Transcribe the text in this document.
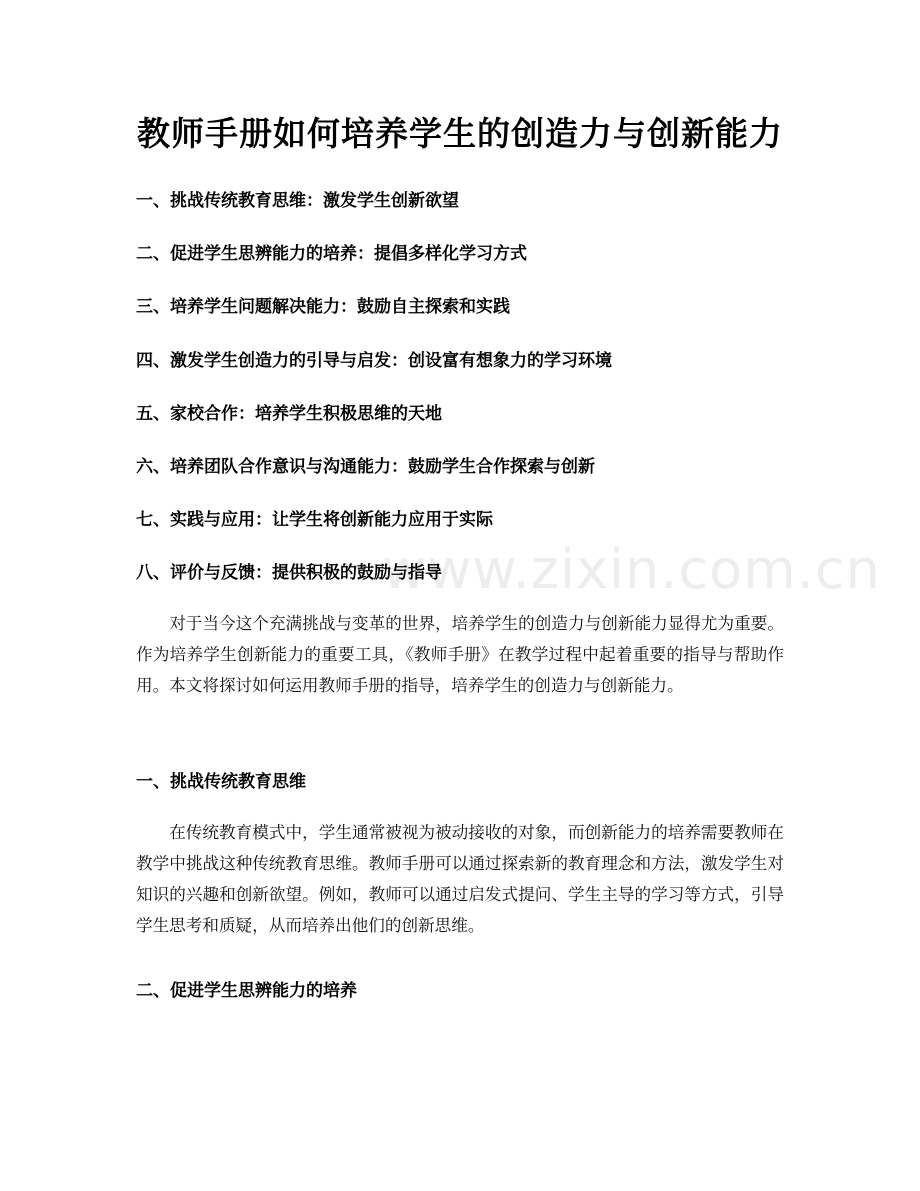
教师手册如何培养学生的创造力与创新能力
一、挑战传统教育思维：激发学生创新欲望
二、促进学生思辨能力的培养：提倡多样化学习方式
三、培养学生问题解决能力：鼓励自主探索和实践
四、激发学生创造力的引导与启发：创设富有想象力的学习环境
五、家校合作：培养学生积极思维的天地
六、培养团队合作意识与沟通能力：鼓励学生合作探索与创新
七、实践与应用：让学生将创新能力应用于实际
八、评价与反馈：提供积极的鼓励与指导
www.zixin.com.cn

对于当今这个充满挑战与变革的世界，培养学生的创造力与创新能力显得尤为重要。作为培养学生创新能力的重要工具，《教师手册》在教学过程中起着重要的指导与帮助作用。本文将探讨如何运用教师手册的指导，培养学生的创造力与创新能力。

一、挑战传统教育思维

在传统教育模式中，学生通常被视为被动接收的对象，而创新能力的培养需要教师在教学中挑战这种传统教育思维。教师手册可以通过探索新的教育理念和方法，激发学生对知识的兴趣和创新欲望。例如，教师可以通过启发式提问、学生主导的学习等方式，引导学生思考和质疑，从而培养出他们的创新思维。

二、促进学生思辨能力的培养
